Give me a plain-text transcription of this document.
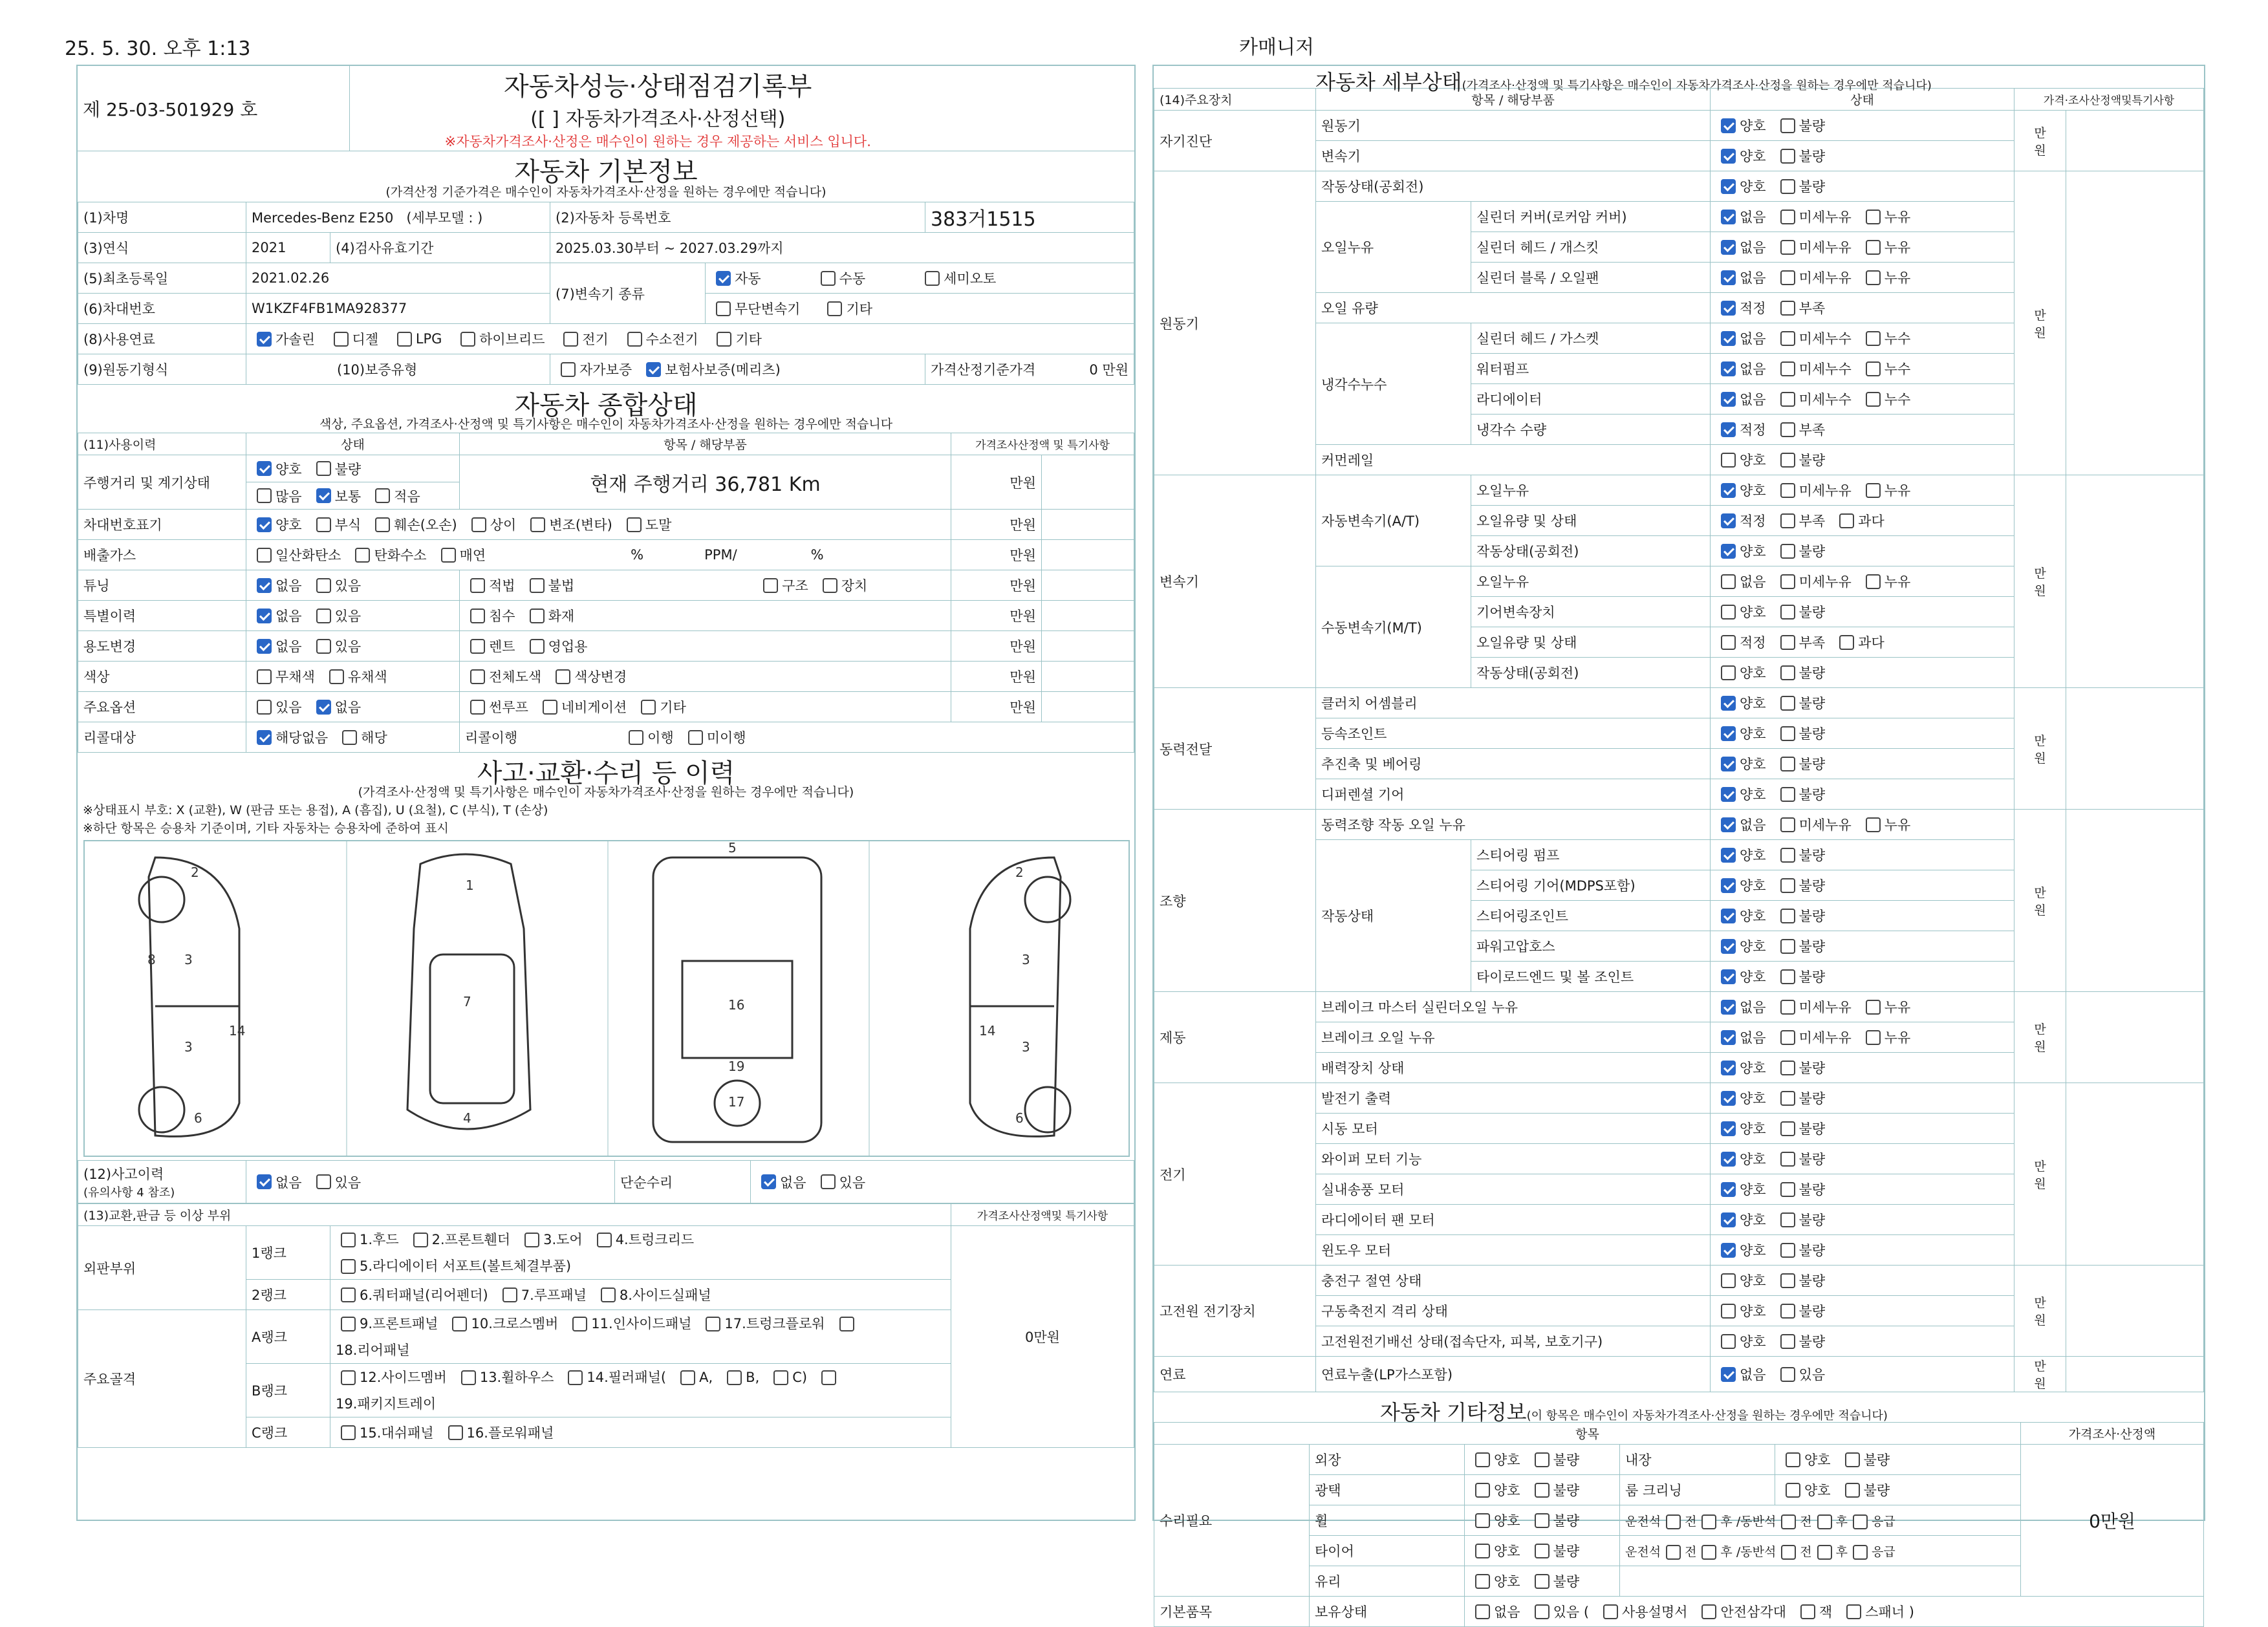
25. 5. 30. 오후 1:13	카매니저
제 25-03-501929 호	
자동차성능·상태점검기록부
([ ] 자동차가격조사·산정선택)
※자동차가격조사·산정은 매수인이 원하는 경우 제공하는 서비스 입니다.
자동차 기본정보
(가격산정 기준가격은 매수인이 자동차가격조사·산정을 원하는 경우에만 적습니다)
(1)차명	Mercedes-Benz E250 (세부모델 : )		(2)자동차 등록번호		383거1515
(3)연식	2021	(4)검사유효기간	2025.03.30부터 ~ 2027.03.29까지		
(5)최초등록일	2021.02.26		(7)변속기 종류	자동 수동 세미오토	
(6)차대번호	W1KZF4FB1MA928377			무단변속기 기타	
(8)사용연료	가솔린 디젤 LPG 하이브리드 전기 수소전기 기타				
(9)원동기형식	(10)보증유형		자가보증 보험사보증(메리츠)		가격산정기준가격 0 만원
자동차 종합상태
색상, 주요옵션, 가격조사·산정액 및 특기사항은 매수인이 자동차가격조사·산정을 원하는 경우에만 적습니다
(11)사용이력	상태	항목 / 해당부품	가격조사산정액 및 특기사항	
주행거리 및 계기상태	양호 불량	현재 주행거리 36,781 Km	만원	
	많음 보통 적음			
차대번호표기	양호 부식 훼손(오손) 상이 변조(변타) 도말		만원	
배출가스	일산화탄소 탄화수소 매연 % PPM/ %		만원	
튜닝	없음 있음	적법 불법 구조 장치	만원	
특별이력	없음 있음	침수 화재	만원	
용도변경	없음 있음	렌트 영업용	만원	
색상	무채색 유채색	전체도색 색상변경	만원	
주요옵션	있음 없음	썬루프 네비게이션 기타	만원	
리콜대상	해당없음 해당	리콜이행 이행 미이행		
사고·교환·수리 등 이력
(가격조사·산정액 및 특기사항은 매수인이 자동차가격조사·산정을 원하는 경우에만 적습니다)
※상태표시 부호: X (교환), W (판금 또는 용접), A (흠집), U (요철), C (부식), T (손상)
※하단 항목은 승용차 기준이며, 기타 자동차는 승용차에 준하여 표시
2
3
3
6
8
14
1
7
4
5
16
17
19
2
3
3
6
14
(12)사고이력
(유의사항 4 참조)
	없음 있음	단순수리	없음 있음
(13)교환,판금 등 이상 부위			가격조사산정액및 특기사항
외판부위	1랭크	1.후드 2.프론트휀더 3.도어 4.트렁크리드
5.라디에이터 서포트(볼트체결부품)	0만원
	2랭크	6.쿼터패널(리어펜더) 7.루프패널 8.사이드실패널	
주요골격	A랭크	9.프론트패널 10.크로스멤버 11.인사이드패널 17.트렁크플로워
18.리어패널	
	B랭크	12.사이드멤버 13.휠하우스 14.필러패널( A, B, C)
19.패키지트레이	
	C랭크	15.대쉬패널 16.플로워패널	
자동차 세부상태(가격조사·산정액 및 특기사항은 매수인이 자동차가격조사·산정을 원하는 경우에만 적습니다)
(14)주요장치	항목 / 해당부품		상태	가격·조사산정액및특기사항	
자기진단	원동기		양호 불량	만
원	

	변속기		양호 불량		
원동기	작동상태(공회전)		양호 불량	만
원	

	오일누유	실린더 커버(로커암 커버)	없음 미세누유 누유		
		실린더 헤드 / 개스킷	없음 미세누유 누유		
		실린더 블록 / 오일팬	없음 미세누유 누유		
	오일 유량		적정 부족		
	냉각수누수	실린더 헤드 / 가스켓	없음 미세누수 누수		
		워터펌프	없음 미세누수 누수		
		라디에이터	없음 미세누수 누수		
		냉각수 수량	적정 부족		
	커먼레일		양호 불량		
변속기	자동변속기(A/T)	오일누유	양호 미세누유 누유	만
원	

		오일유량 및 상태	적정 부족 과다		
		작동상태(공회전)	양호 불량		
	수동변속기(M/T)	오일누유	없음 미세누유 누유		
		기어변속장치	양호 불량		
		오일유량 및 상태	적정 부족 과다		
		작동상태(공회전)	양호 불량		
동력전달	클러치 어셈블리		양호 불량	만
원	

	등속조인트		양호 불량		
	추진축 및 베어링		양호 불량		
	디퍼렌셜 기어		양호 불량		
조향	동력조향 작동 오일 누유		없음 미세누유 누유	만
원	

	작동상태	스티어링 펌프	양호 불량		
		스티어링 기어(MDPS포함)	양호 불량		
		스티어링조인트	양호 불량		
		파워고압호스	양호 불량		
		타이로드엔드 및 볼 조인트	양호 불량		
제동	브레이크 마스터 실린더오일 누유		없음 미세누유 누유	만
원	

	브레이크 오일 누유		없음 미세누유 누유		
	배력장치 상태		양호 불량		
전기	발전기 출력		양호 불량	만
원	

	시동 모터		양호 불량		
	와이퍼 모터 기능		양호 불량		
	실내송풍 모터		양호 불량		
	라디에이터 팬 모터		양호 불량		
	윈도우 모터		양호 불량		
고전원 전기장치	충전구 절연 상태		양호 불량	만
원	

	구동축전지 격리 상태		양호 불량		
	고전원전기배선 상태(접속단자, 피복, 보호기구)		양호 불량		
연료	연료누출(LP가스포함)		없음 있음	만
원	

자동차 기타정보(이 항목은 매수인이 자동차가격조사·산정을 원하는 경우에만 적습니다)
항목					가격조사·산정액
수리필요	외장	양호 불량	내장	양호 불량	0만원
	광택	양호 불량	룸 크리닝	양호 불량	
	휠	양호 불량	운전석 전 후 /동반석 전 후 응급		
	타이어	양호 불량	운전석 전 후 /동반석 전 후 응급		
	유리	양호 불량			
기본품목	보유상태	없음 있음 ( 사용설명서 안전삼각대 잭 스패너 )			
